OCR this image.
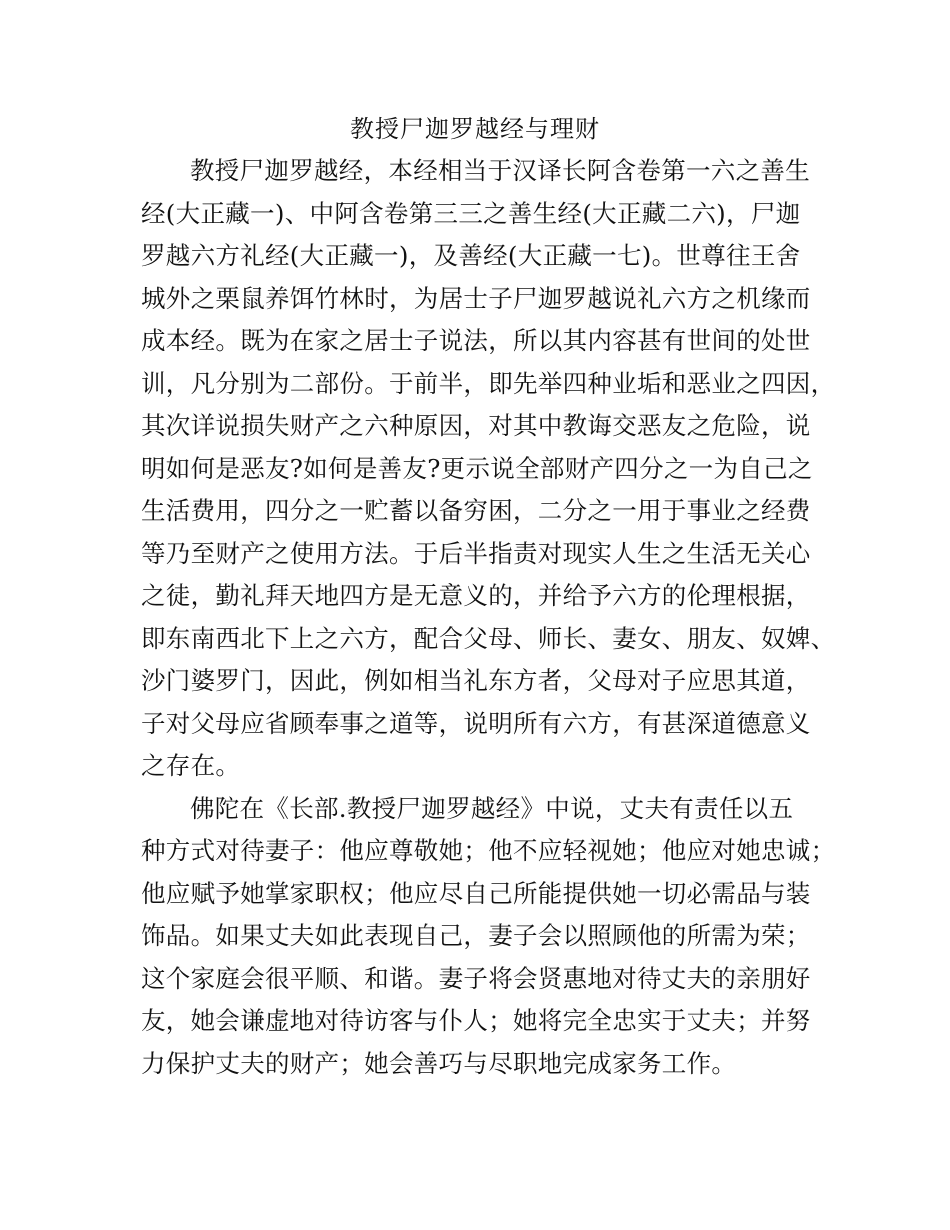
教授尸迦罗越经与理财
教授尸迦罗越经，本经相当于汉译长阿含卷第一六之善生
经(大正藏一)、中阿含卷第三三之善生经(大正藏二六)，尸迦
罗越六方礼经(大正藏一)，及善经(大正藏一七)。世尊往王舍
城外之栗鼠养饵竹林时，为居士子尸迦罗越说礼六方之机缘而
成本经。既为在家之居士子说法，所以其内容甚有世间的处世
训，凡分别为二部份。于前半，即先举四种业垢和恶业之四因，
其次详说损失财产之六种原因，对其中教诲交恶友之危险，说
明如何是恶友?如何是善友?更示说全部财产四分之一为自己之
生活费用，四分之一贮蓄以备穷困，二分之一用于事业之经费
等乃至财产之使用方法。于后半指责对现实人生之生活无关心
之徒，勤礼拜天地四方是无意义的，并给予六方的伦理根据，
即东南西北下上之六方，配合父母、师长、妻女、朋友、奴婢、
沙门婆罗门，因此，例如相当礼东方者，父母对子应思其道，
子对父母应省顾奉事之道等，说明所有六方，有甚深道德意义
之存在。
佛陀在《长部.教授尸迦罗越经》中说，丈夫有责任以五
种方式对待妻子：他应尊敬她；他不应轻视她；他应对她忠诚；
他应赋予她掌家职权；他应尽自己所能提供她一切必需品与装
饰品。如果丈夫如此表现自己，妻子会以照顾他的所需为荣；
这个家庭会很平顺、和谐。妻子将会贤惠地对待丈夫的亲朋好
友，她会谦虚地对待访客与仆人；她将完全忠实于丈夫；并努
力保护丈夫的财产；她会善巧与尽职地完成家务工作。
